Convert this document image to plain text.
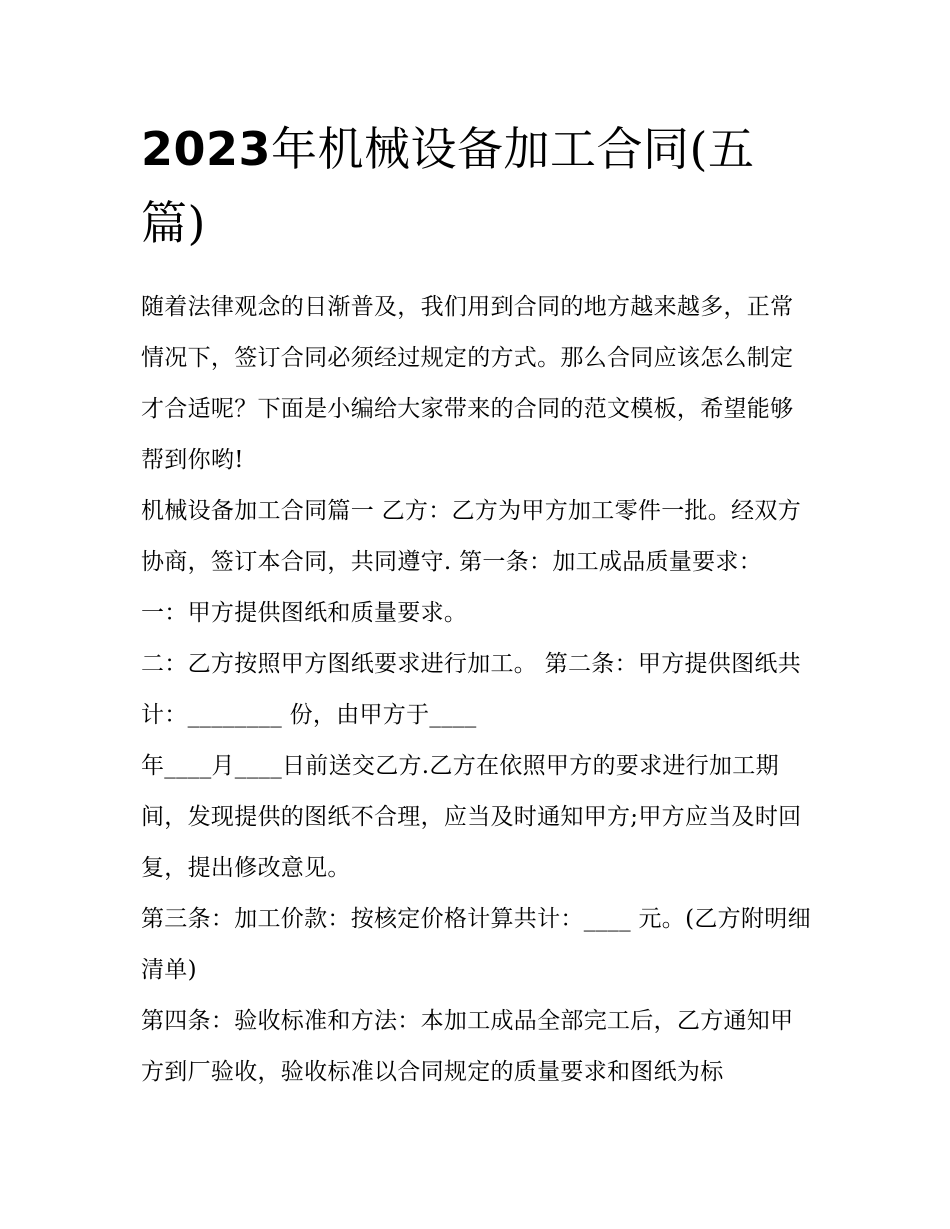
2023年机械设备加工合同(五篇)

随着法律观念的日渐普及，我们用到合同的地方越来越多，正常情况下，签订合同必须经过规定的方式。那么合同应该怎么制定才合适呢？下面是小编给大家带来的合同的范文模板，希望能够帮到你哟!

机械设备加工合同篇一 乙方：乙方为甲方加工零件一批。经双方协商，签订本合同，共同遵守. 第一条：加工成品质量要求： 一：甲方提供图纸和质量要求。

二：乙方按照甲方图纸要求进行加工。 第二条：甲方提供图纸共计：________ 份，由甲方于____

年____月____日前送交乙方.乙方在依照甲方的要求进行加工期间，发现提供的图纸不合理，应当及时通知甲方;甲方应当及时回复，提出修改意见。

第三条：加工价款：按核定价格计算共计：____ 元。(乙方附明细清单)

第四条：验收标准和方法：本加工成品全部完工后，乙方通知甲方到厂验收，验收标准以合同规定的质量要求和图纸为标
